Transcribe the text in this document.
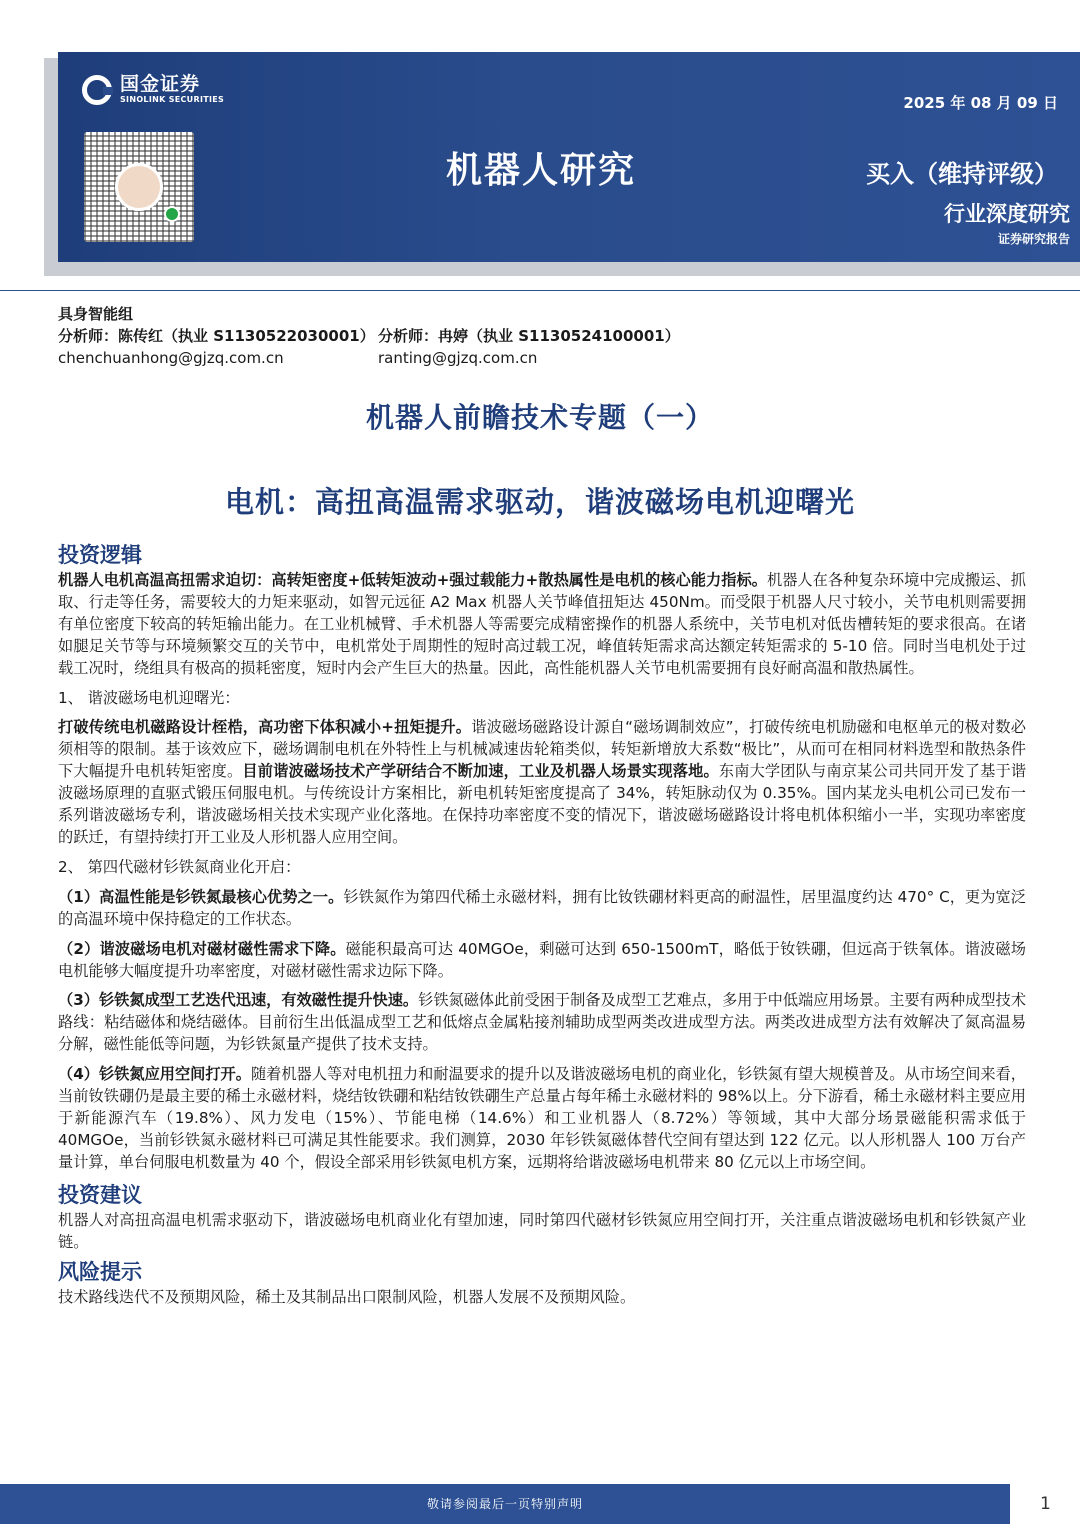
国金证券
SINOLINK SECURITIES	2025 年 08 月 09 日
机器人研究	买入（维持评级）
行业深度研究
证券研究报告
具身智能组
分析师：陈传红（执业 S1130522030001） 分析师：冉婷（执业 S1130524100001）
chenchuanhong@gjzq.com.cn	ranting@gjzq.com.cn
机器人前瞻技术专题（一）
电机：高扭高温需求驱动，谐波磁场电机迎曙光
投资逻辑

机器人电机高温高扭需求迫切：高转矩密度+低转矩波动+强过载能力+散热属性是电机的核心能力指标。机器人在各种复杂环境中完成搬运、抓取、行走等任务，需要较大的力矩来驱动，如智元远征 A2 Max 机器人关节峰值扭矩达 450Nm。而受限于机器人尺寸较小，关节电机则需要拥有单位密度下较高的转矩输出能力。在工业机械臂、手术机器人等需要完成精密操作的机器人系统中，关节电机对低齿槽转矩的要求很高。在诸如腿足关节等与环境频繁交互的关节中，电机常处于周期性的短时高过载工况，峰值转矩需求高达额定转矩需求的 5-10 倍。同时当电机处于过载工况时，绕组具有极高的损耗密度，短时内会产生巨大的热量。因此，高性能机器人关节电机需要拥有良好耐高温和散热属性。

1、 谐波磁场电机迎曙光：

打破传统电机磁路设计桎梏，高功密下体积减小+扭矩提升。谐波磁场磁路设计源自“磁场调制效应”，打破传统电机励磁和电枢单元的极对数必须相等的限制。基于该效应下，磁场调制电机在外特性上与机械减速齿轮箱类似，转矩新增放大系数“极比”，从而可在相同材料选型和散热条件下大幅提升电机转矩密度。目前谐波磁场技术产学研结合不断加速，工业及机器人场景实现落地。东南大学团队与南京某公司共同开发了基于谐波磁场原理的直驱式锻压伺服电机。与传统设计方案相比，新电机转矩密度提高了 34%，转矩脉动仅为 0.35%。国内某龙头电机公司已发布一系列谐波磁场专利，谐波磁场相关技术实现产业化落地。在保持功率密度不变的情况下，谐波磁场磁路设计将电机体积缩小一半，实现功率密度的跃迁，有望持续打开工业及人形机器人应用空间。

2、 第四代磁材钐铁氮商业化开启：

（1）高温性能是钐铁氮最核心优势之一。钐铁氮作为第四代稀土永磁材料，拥有比钕铁硼材料更高的耐温性，居里温度约达 470° C，更为宽泛的高温环境中保持稳定的工作状态。

（2）谐波磁场电机对磁材磁性需求下降。磁能积最高可达 40MGOe，剩磁可达到 650-1500mT，略低于钕铁硼，但远高于铁氧体。谐波磁场电机能够大幅度提升功率密度，对磁材磁性需求边际下降。

（3）钐铁氮成型工艺迭代迅速，有效磁性提升快速。钐铁氮磁体此前受困于制备及成型工艺难点，多用于中低端应用场景。主要有两种成型技术路线：粘结磁体和烧结磁体。目前衍生出低温成型工艺和低熔点金属粘接剂辅助成型两类改进成型方法。两类改进成型方法有效解决了氮高温易分解，磁性能低等问题，为钐铁氮量产提供了技术支持。

（4）钐铁氮应用空间打开。随着机器人等对电机扭力和耐温要求的提升以及谐波磁场电机的商业化，钐铁氮有望大规模普及。从市场空间来看，当前钕铁硼仍是最主要的稀土永磁材料，烧结钕铁硼和粘结钕铁硼生产总量占每年稀土永磁材料的 98%以上。分下游看，稀土永磁材料主要应用于新能源汽车（19.8%）、风力发电（15%）、节能电梯（14.6%）和工业机器人（8.72%）等领域，其中大部分场景磁能积需求低于 40MGOe，当前钐铁氮永磁材料已可满足其性能要求。我们测算，2030 年钐铁氮磁体替代空间有望达到 122 亿元。以人形机器人 100 万台产量计算，单台伺服电机数量为 40 个，假设全部采用钐铁氮电机方案，远期将给谐波磁场电机带来 80 亿元以上市场空间。

投资建议

机器人对高扭高温电机需求驱动下，谐波磁场电机商业化有望加速，同时第四代磁材钐铁氮应用空间打开，关注重点谐波磁场电机和钐铁氮产业链。

风险提示

技术路线迭代不及预期风险，稀土及其制品出口限制风险，机器人发展不及预期风险。

敬请参阅最后一页特别声明	1
